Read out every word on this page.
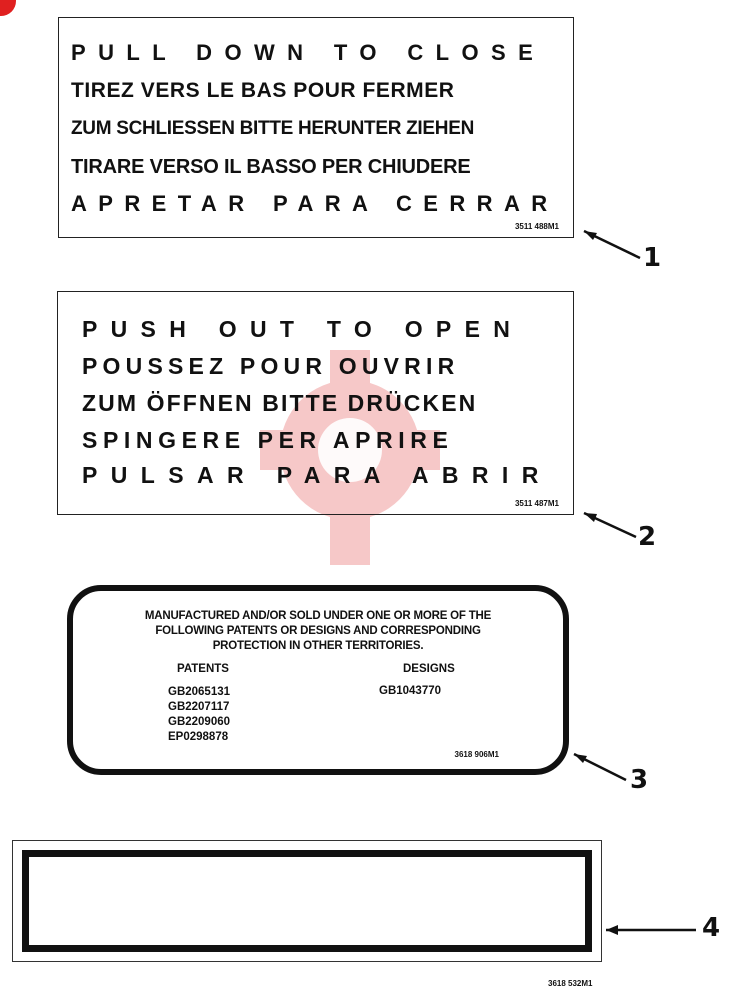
PULL DOWN TO CLOSE
TIREZ VERS LE BAS POUR FERMER
ZUM SCHLIESSEN BITTE HERUNTER ZIEHEN
TIRARE VERSO IL BASSO PER CHIUDERE
APRETAR PARA CERRAR
3511 488M1
PUSH OUT TO OPEN
POUSSEZ POUR OUVRIR
ZUM ÖFFNEN BITTE DRÜCKEN
SPINGERE PER APRIRE
PULSAR PARA ABRIR
3511 487M1
MANUFACTURED AND/OR SOLD UNDER ONE OR MORE OF THE
FOLLOWING PATENTS OR DESIGNS AND CORRESPONDING
PROTECTION IN OTHER TERRITORIES.
PATENTS	DESIGNS
GB2065131
GB2207117
GB2209060
EP0298878
GB1043770
3618 906M1
3618 532M1
1
2
3
4
